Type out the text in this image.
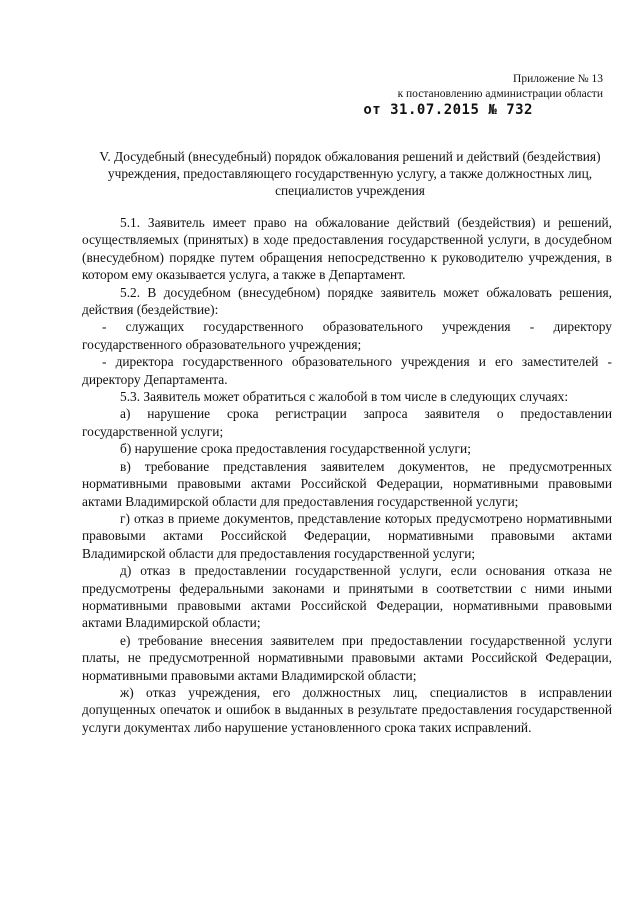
Приложение № 13
к постановлению администрации области
от 31.07.2015 № 732
V. Досудебный (внесудебный) порядок обжалования решений и действий (бездействия) учреждения, предоставляющего государственную услугу, а также должностных лиц, специалистов учреждения

5.1. Заявитель имеет право на обжалование действий (бездействия) и решений, осуществляемых (принятых) в ходе предоставления государственной услуги, в досудебном (внесудебном) порядке путем обращения непосредственно к руководителю учреждения, в котором ему оказывается услуга, а также в Департамент.

5.2. В досудебном (внесудебном) порядке заявитель может обжаловать решения, действия (бездействие):

- служащих государственного образовательного учреждения - директору государственного образовательного учреждения;

- директора государственного образовательного учреждения и его заместителей - директору Департамента.

5.3. Заявитель может обратиться с жалобой в том числе в следующих случаях:

а) нарушение срока регистрации запроса заявителя о предоставлении государственной услуги;

б) нарушение срока предоставления государственной услуги;

в) требование представления заявителем документов, не предусмотренных нормативными правовыми актами Российской Федерации, нормативными правовыми актами Владимирской области для предоставления государственной услуги;

г) отказ в приеме документов, представление которых предусмотрено нормативными правовыми актами Российской Федерации, нормативными правовыми актами Владимирской области для предоставления государственной услуги;

д) отказ в предоставлении государственной услуги, если основания отказа не предусмотрены федеральными законами и принятыми в соответствии с ними иными нормативными правовыми актами Российской Федерации, нормативными правовыми актами Владимирской области;

е) требование внесения заявителем при предоставлении государственной услуги платы, не предусмотренной нормативными правовыми актами Российской Федерации, нормативными правовыми актами Владимирской области;

ж) отказ учреждения, его должностных лиц, специалистов в исправлении допущенных опечаток и ошибок в выданных в результате предоставления государственной услуги документах либо нарушение установленного срока таких исправлений.
